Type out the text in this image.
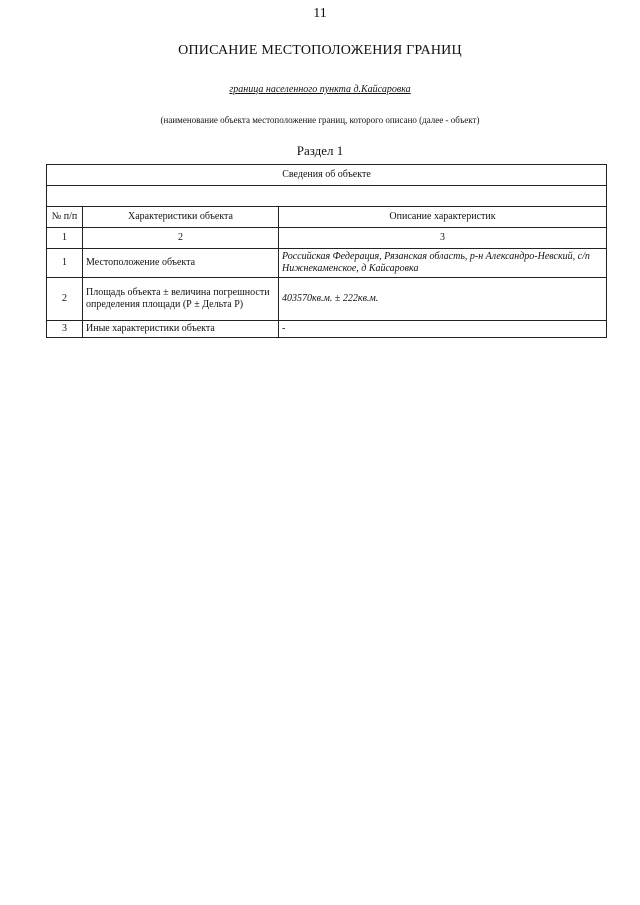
11
ОПИСАНИЕ МЕСТОПОЛОЖЕНИЯ ГРАНИЦ
граница населенного пункта д.Кайсаровка
(наименование объекта местоположение границ, которого описано (далее - объект)
Раздел 1
Сведения об объекте		

№ п/п	Характеристики объекта	Описание характеристик
1	2	3
1	Местоположение объекта	Российская Федерация, Рязанская область, р-н Александро-Невский, с/п Нижнекаменское, д Кайсаровка
2	Площадь объекта ± величина погрешности определения площади (Р ± Дельта Р)	403570кв.м. ± 222кв.м.
3	Иные характеристики объекта	-
